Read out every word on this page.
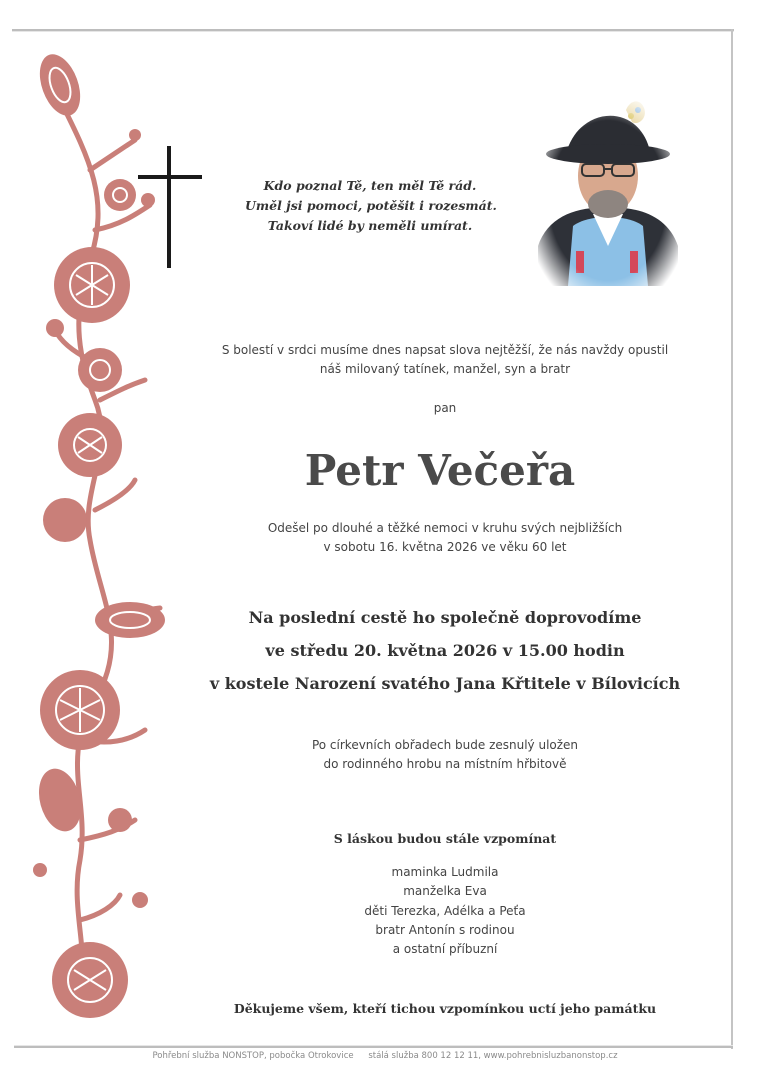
Kdo poznal Tě, ten měl Tě rád.
Uměl jsi pomoci, potěšit i rozesmát.
Takoví lidé by neměli umírat.
S bolestí v srdci musíme dnes napsat slova nejtěžší, že nás navždy opustil
náš milovaný tatínek, manžel, syn a bratr
pan
Petr Večeřa
Odešel po dlouhé a těžké nemoci v kruhu svých nejbližších
v sobotu 16. května 2026 ve věku 60 let
Na poslední cestě ho společně doprovodíme
ve středu 20. května 2026 v 15.00 hodin
v kostele Narození svatého Jana Křtitele v Bílovicích
Po církevních obřadech bude zesnulý uložen
do rodinného hrobu na místním hřbitově
S láskou budou stále vzpomínat
maminka Ludmila
manželka Eva
děti Terezka, Adélka a Peťa
bratr Antonín s rodinou
a ostatní příbuzní
Děkujeme všem, kteří tichou vzpomínkou uctí jeho památku
Pohřební služba NONSTOP, pobočka Otrokovice stálá služba 800 12 12 11, www.pohrebnisluzbanonstop.cz
